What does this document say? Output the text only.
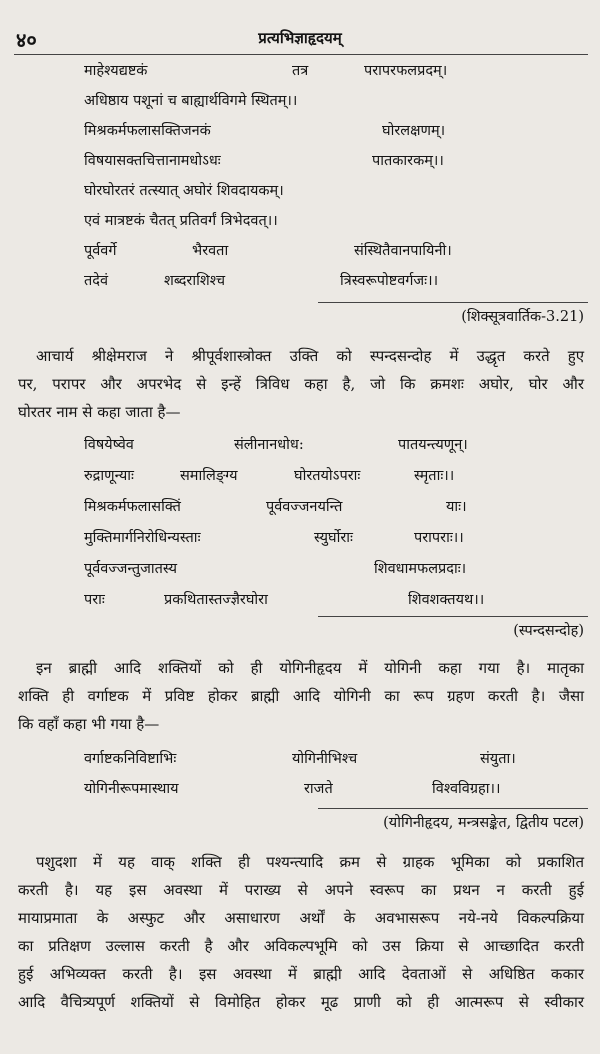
४०	प्रत्यभिज्ञाहृदयम्
माहेश्यद्यष्टकं	तत्र	परापरफलप्रदम्।
अधिष्ठाय पशूनां च बाह्यार्थविगमे स्थितम्।।
मिश्रकर्मफलासक्तिजनकं	घोरलक्षणम्।
विषयासक्तचित्तानामधोऽधः	पातकारकम्।।
घोरघोरतरं तत्स्यात् अघोरं शिवदायकम्।
एवं मात्रष्टकं चैतत् प्रतिवर्गं त्रिभेदवत्।।
पूर्ववर्गे	भैरवता	संस्थितैवानपायिनी।
तदेवं	शब्दराशिश्च	त्रिस्वरूपोष्टवर्गजः।।
(शिक्सूत्रवार्तिक-3.21)
आचार्य श्रीक्षेमराज ने श्रीपूर्वशास्त्रोक्त उक्ति को स्पन्दसन्दोह में उद्धृत करते हुए
पर, परापर और अपरभेद से इन्हें त्रिविध कहा है, जो कि क्रमशः अघोर, घोर और
घोरतर नाम से कहा जाता है—
विषयेष्वेव	संलीनानधोध:	पातयन्त्यणून्।
रुद्राणून्याः	समालिङ्ग्य	घोरतयोऽपराः	स्मृताः।।
मिश्रकर्मफलासक्तिं	पूर्ववज्जनयन्ति	याः।
मुक्तिमार्गनिरोधिन्यस्ताः	स्युर्घोराः	परापराः।।
पूर्ववज्जन्तुजातस्य	शिवधामफलप्रदाः।
पराः	प्रकथितास्तज्ज्ञैरघोरा	शिवशक्तयथ।।
(स्पन्दसन्दोह)
इन ब्राह्मी आदि शक्तियों को ही योगिनीहृदय में योगिनी कहा गया है। मातृका
शक्ति ही वर्गाष्टक में प्रविष्ट होकर ब्राह्मी आदि योगिनी का रूप ग्रहण करती है। जैसा
कि वहाँ कहा भी गया है—
वर्गाष्टकनिविष्टाभिः	योगिनीभिश्च	संयुता।
योगिनीरूपमास्थाय	राजते	विश्वविग्रहा।।
(योगिनीहृदय, मन्त्रसङ्केत, द्वितीय पटल)
पशुदशा में यह वाक् शक्ति ही पश्यन्त्यादि क्रम से ग्राहक भूमिका को प्रकाशित
करती है। यह इस अवस्था में पराख्य से अपने स्वरूप का प्रथन न करती हुई
मायाप्रमाता के अस्फुट और असाधारण अर्थों के अवभासरूप नये-नये विकल्पक्रिया
का प्रतिक्षण उल्लास करती है और अविकल्पभूमि को उस क्रिया से आच्छादित करती
हुई अभिव्यक्त करती है। इस अवस्था में ब्राह्मी आदि देवताओं से अधिष्ठित ककार
आदि वैचित्र्यपूर्ण शक्तियों से विमोहित होकर मूढ प्राणी को ही आत्मरूप से स्वीकार
